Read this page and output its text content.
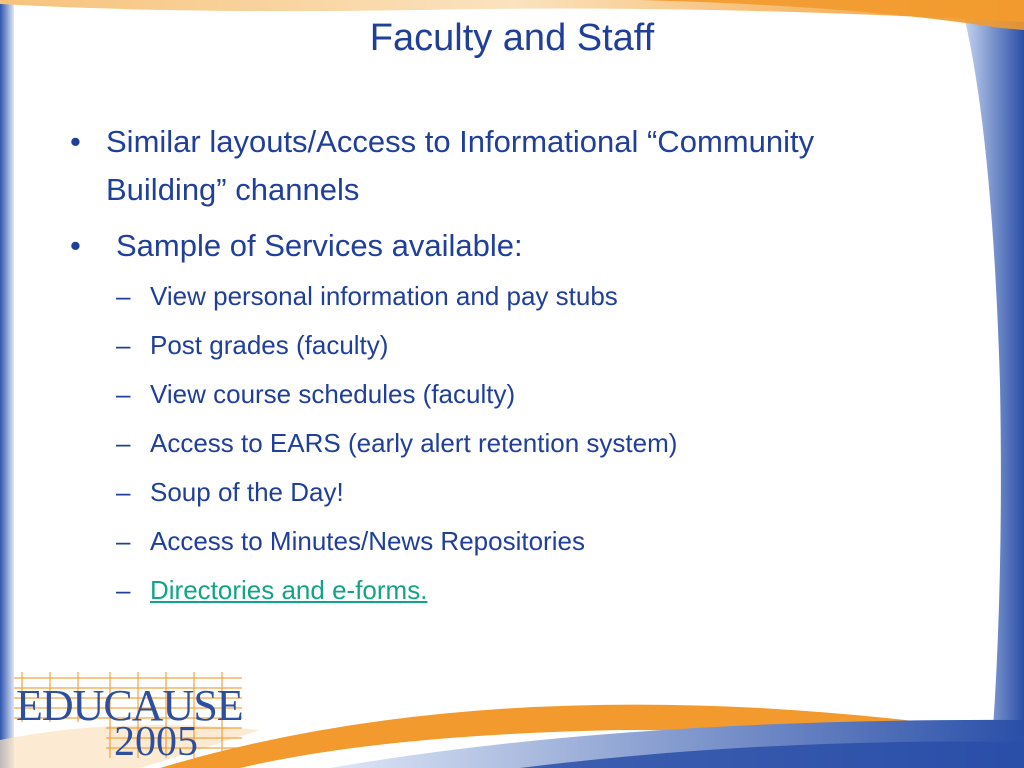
Faculty and Staff
• Similar layouts/Access to Informational “Community Building” channels
•	Sample of Services available:
– View personal information and pay stubs
– Post grades (faculty)
– View course schedules (faculty)
– Access to EARS (early alert retention system)
– Soup of the Day!
– Access to Minutes/News Repositories
– Directories and e-forms.
EDUCAUSE
2005
